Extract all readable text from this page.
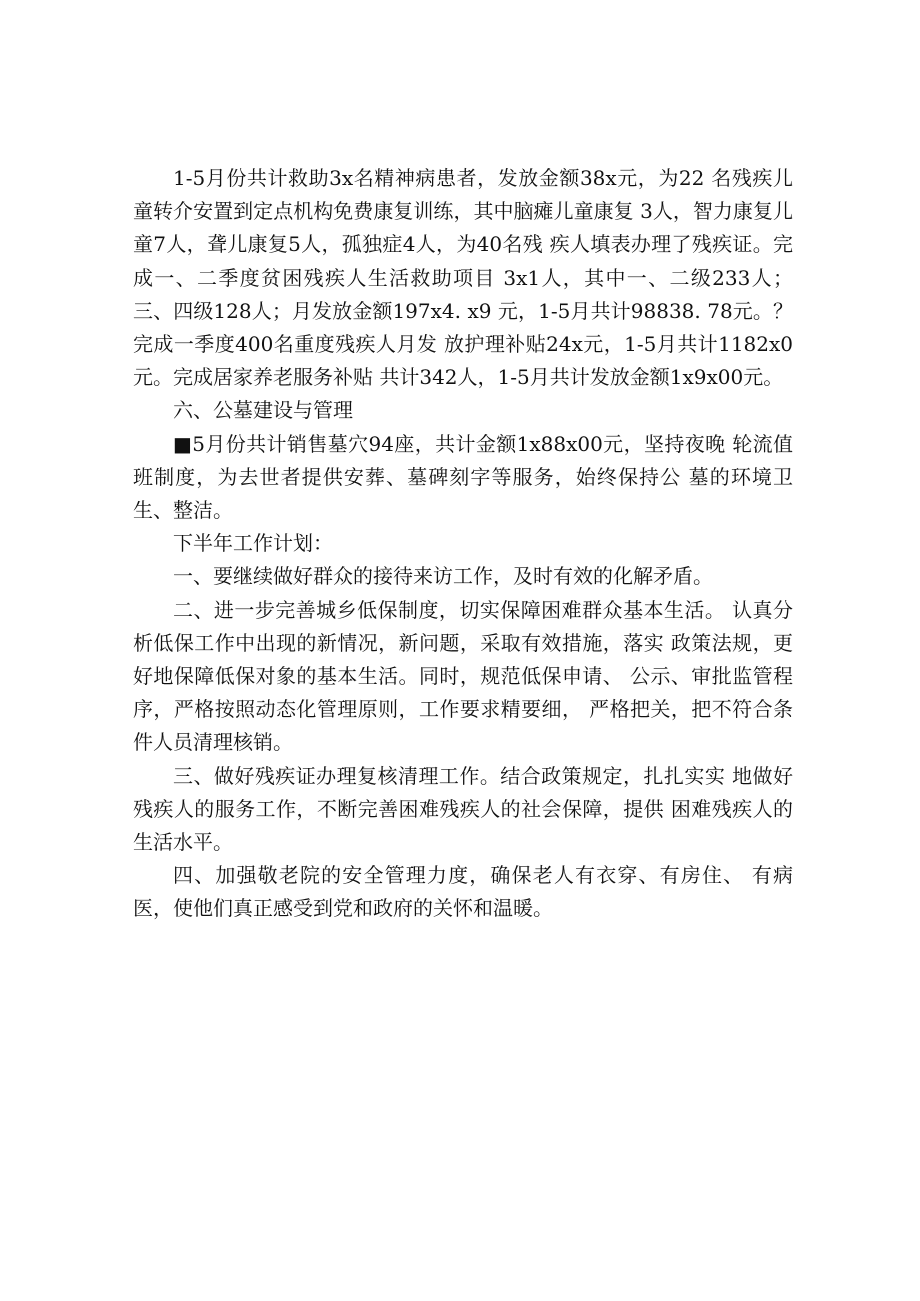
1-5月份共计救助3x名精神病患者，发放金额38x元，为22 名残疾儿童转介安置到定点机构免费康复训练，其中脑瘫儿童康复 3人，智力康复儿童7人，聋儿康复5人，孤独症4人，为40名残 疾人填表办理了残疾证。完成一、二季度贫困残疾人生活救助项目 3x1人，其中一、二级233人；三、四级128人；月发放金额197x4. x9 元，1-5月共计98838. 78元。？完成一季度400名重度残疾人月发 放护理补贴24x元，1-5月共计1182x0元。完成居家养老服务补贴 共计342人，1-5月共计发放金额1x9x00元。

六、公墓建设与管理

■5月份共计销售墓穴94座，共计金额1x88x00元，坚持夜晚 轮流值班制度，为去世者提供安葬、墓碑刻字等服务，始终保持公 墓的环境卫生、整洁。

下半年工作计划：

一、要继续做好群众的接待来访工作，及时有效的化解矛盾。

二、进一步完善城乡低保制度，切实保障困难群众基本生活。 认真分析低保工作中出现的新情况，新问题，采取有效措施，落实 政策法规，更好地保障低保对象的基本生活。同时，规范低保申请、 公示、审批监管程序，严格按照动态化管理原则，工作要求精要细， 严格把关，把不符合条件人员清理核销。

三、做好残疾证办理复核清理工作。结合政策规定，扎扎实实 地做好残疾人的服务工作，不断完善困难残疾人的社会保障，提供 困难残疾人的生活水平。

四、加强敬老院的安全管理力度，确保老人有衣穿、有房住、 有病医，使他们真正感受到党和政府的关怀和温暖。
